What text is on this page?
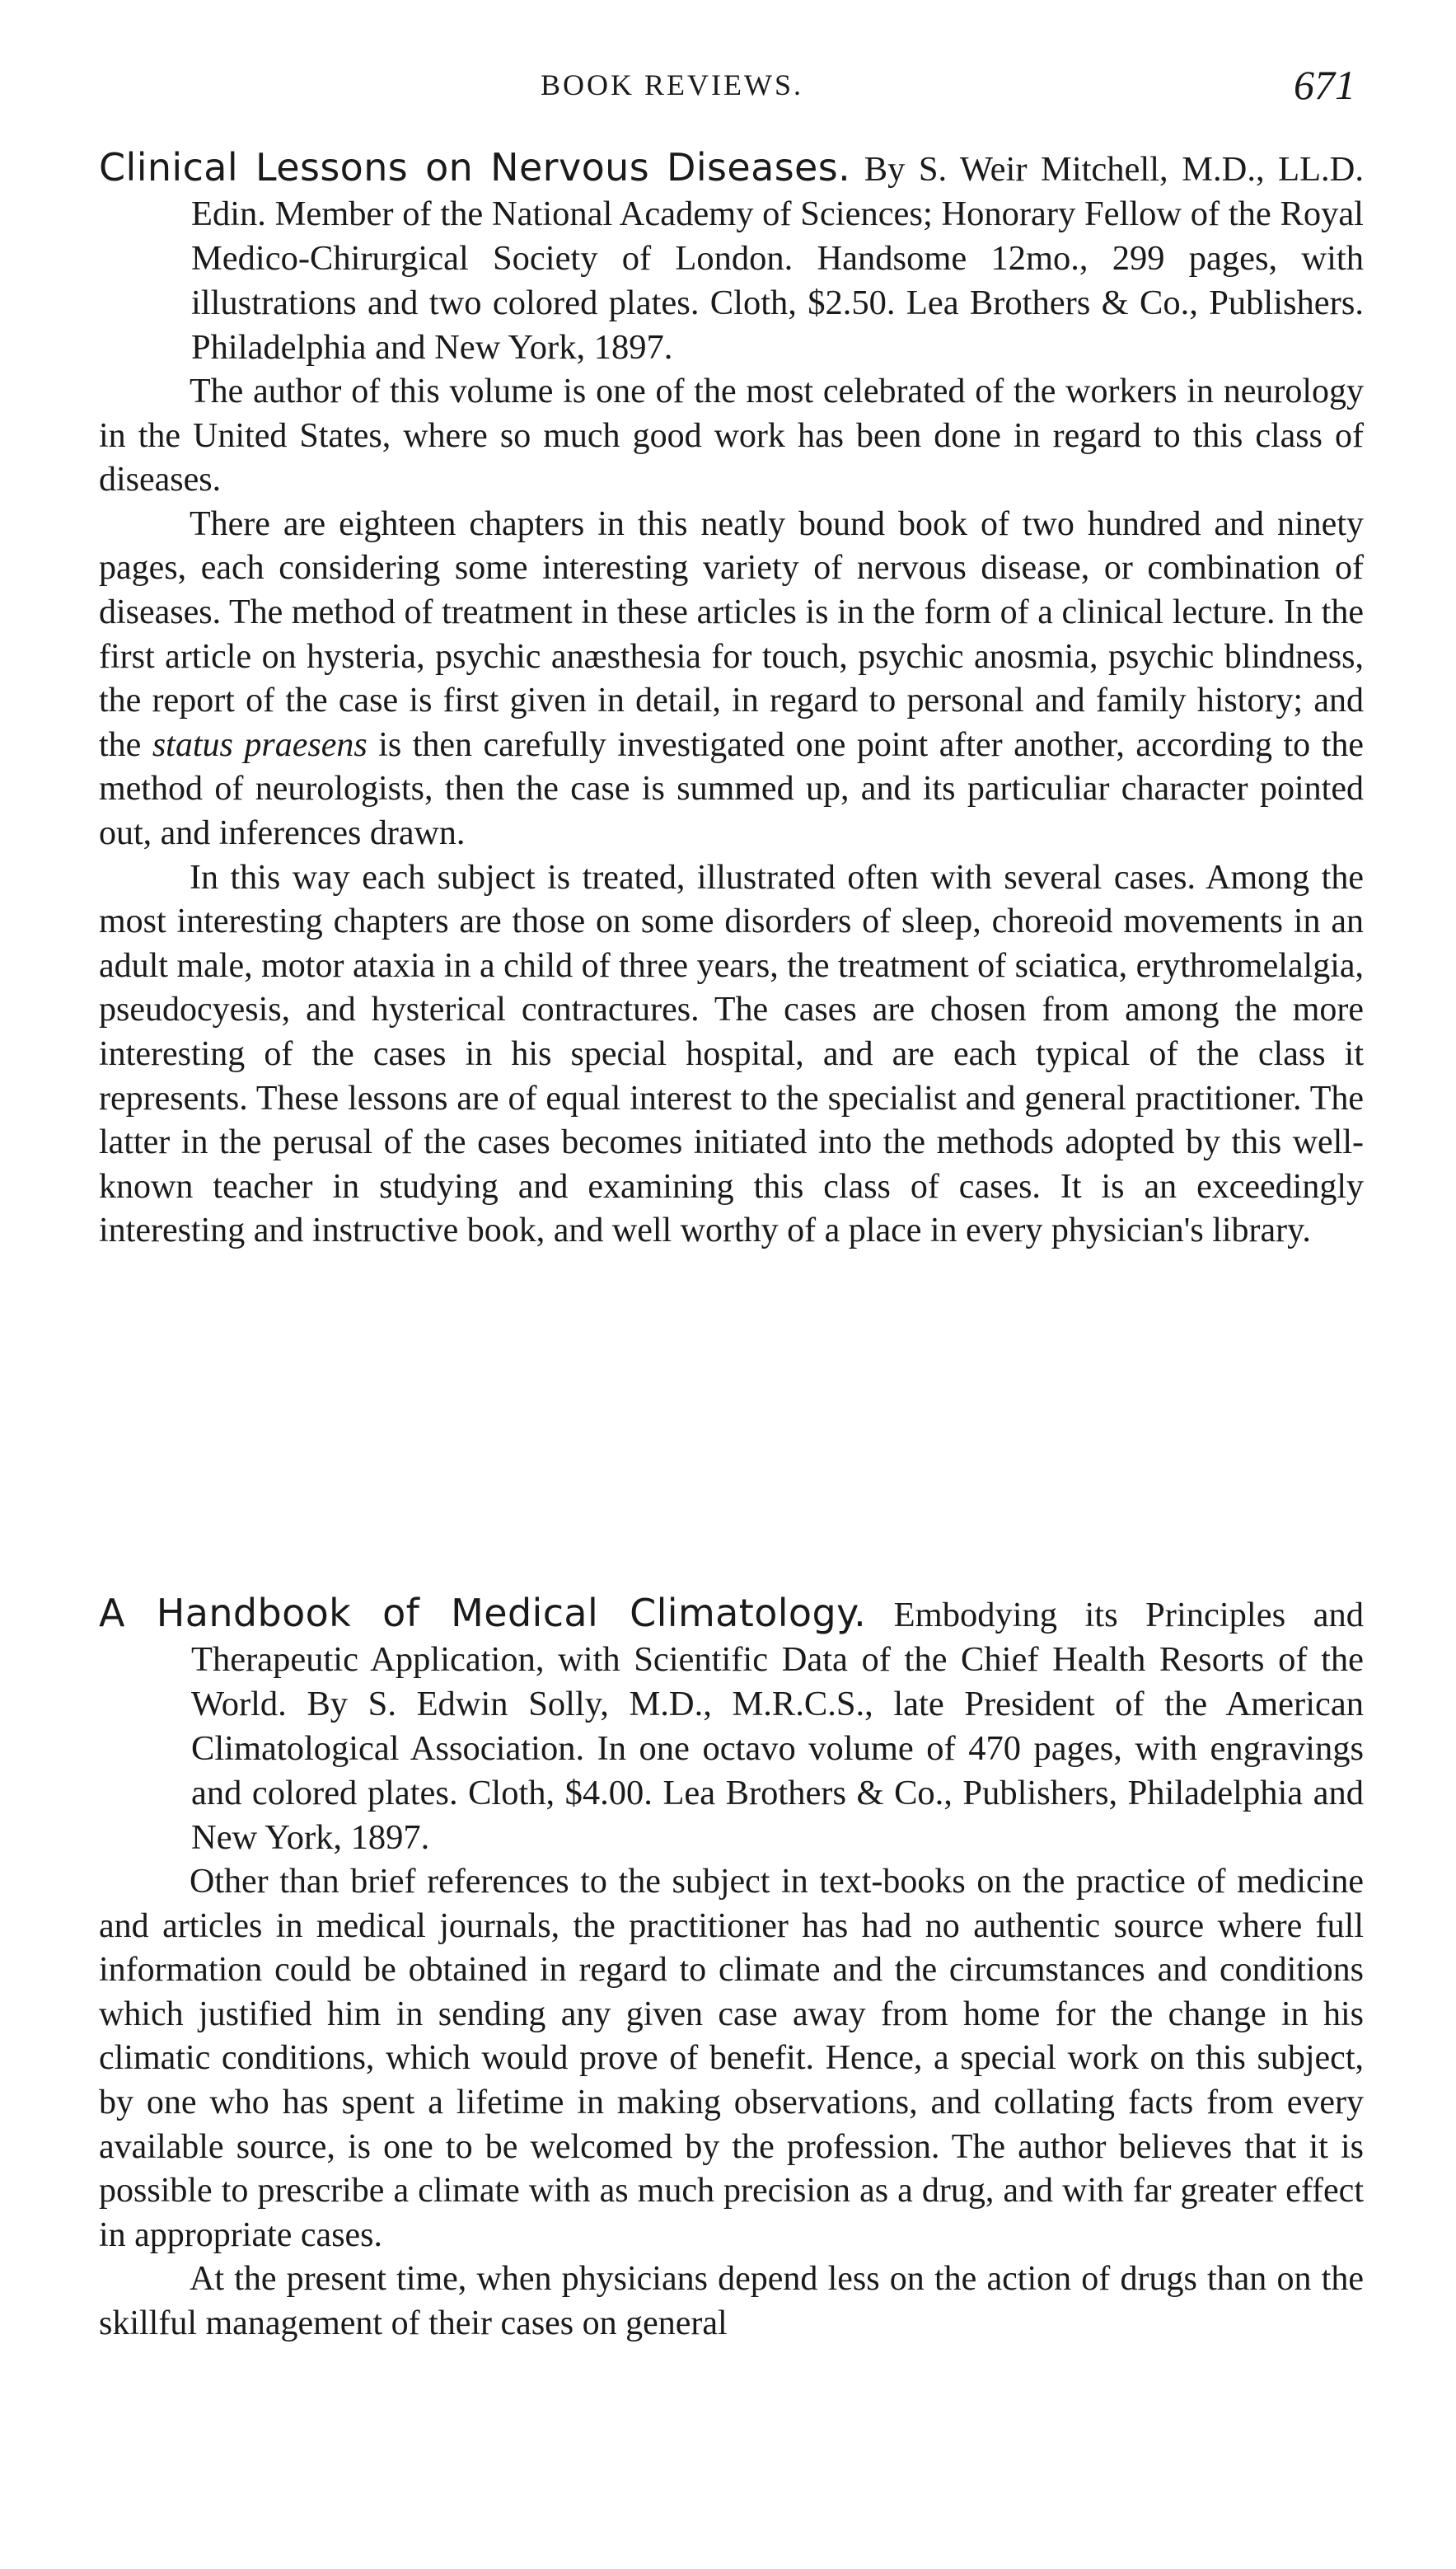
BOOK REVIEWS.	671

Clinical Lessons on Nervous Diseases. By S. Weir Mitchell, M.D., LL.D. Edin. Member of the National Academy of Sciences; Honorary Fellow of the Royal Medico-Chirurgical Society of London. Handsome 12mo., 299 pages, with illustrations and two colored plates. Cloth, $2.50. Lea Brothers & Co., Publishers. Philadelphia and New York, 1897.

The author of this volume is one of the most celebrated of the workers in neurology in the United States, where so much good work has been done in regard to this class of diseases.

There are eighteen chapters in this neatly bound book of two hundred and ninety pages, each considering some interesting variety of nervous disease, or combination of diseases. The method of treatment in these articles is in the form of a clinical lecture. In the first article on hysteria, psychic anæsthesia for touch, psychic anosmia, psychic blindness, the report of the case is first given in detail, in regard to personal and family history; and the status praesens is then carefully investigated one point after another, according to the method of neurologists, then the case is summed up, and its particuliar character pointed out, and inferences drawn.

In this way each subject is treated, illustrated often with several cases. Among the most interesting chapters are those on some disorders of sleep, choreoid movements in an adult male, motor ataxia in a child of three years, the treatment of sciatica, erythromelalgia, pseudocyesis, and hysterical contractures. The cases are chosen from among the more interesting of the cases in his special hospital, and are each typical of the class it represents. These lessons are of equal interest to the specialist and general practitioner. The latter in the perusal of the cases becomes initiated into the methods adopted by this well-known teacher in studying and examining this class of cases. It is an exceedingly interesting and instructive book, and well worthy of a place in every physician's library.

A Handbook of Medical Climatology. Embodying its Principles and Therapeutic Application, with Scientific Data of the Chief Health Resorts of the World. By S. Edwin Solly, M.D., M.R.C.S., late President of the American Climatological Association. In one octavo volume of 470 pages, with engravings and colored plates. Cloth, $4.00. Lea Brothers & Co., Publishers, Philadelphia and New York, 1897.

Other than brief references to the subject in text-books on the practice of medicine and articles in medical journals, the practitioner has had no authentic source where full information could be obtained in regard to climate and the circumstances and conditions which justified him in sending any given case away from home for the change in his climatic conditions, which would prove of benefit. Hence, a special work on this subject, by one who has spent a lifetime in making observations, and collating facts from every available source, is one to be welcomed by the profession. The author believes that it is possible to prescribe a climate with as much precision as a drug, and with far greater effect in appropriate cases.

At the present time, when physicians depend less on the action of drugs than on the skillful management of their cases on general
